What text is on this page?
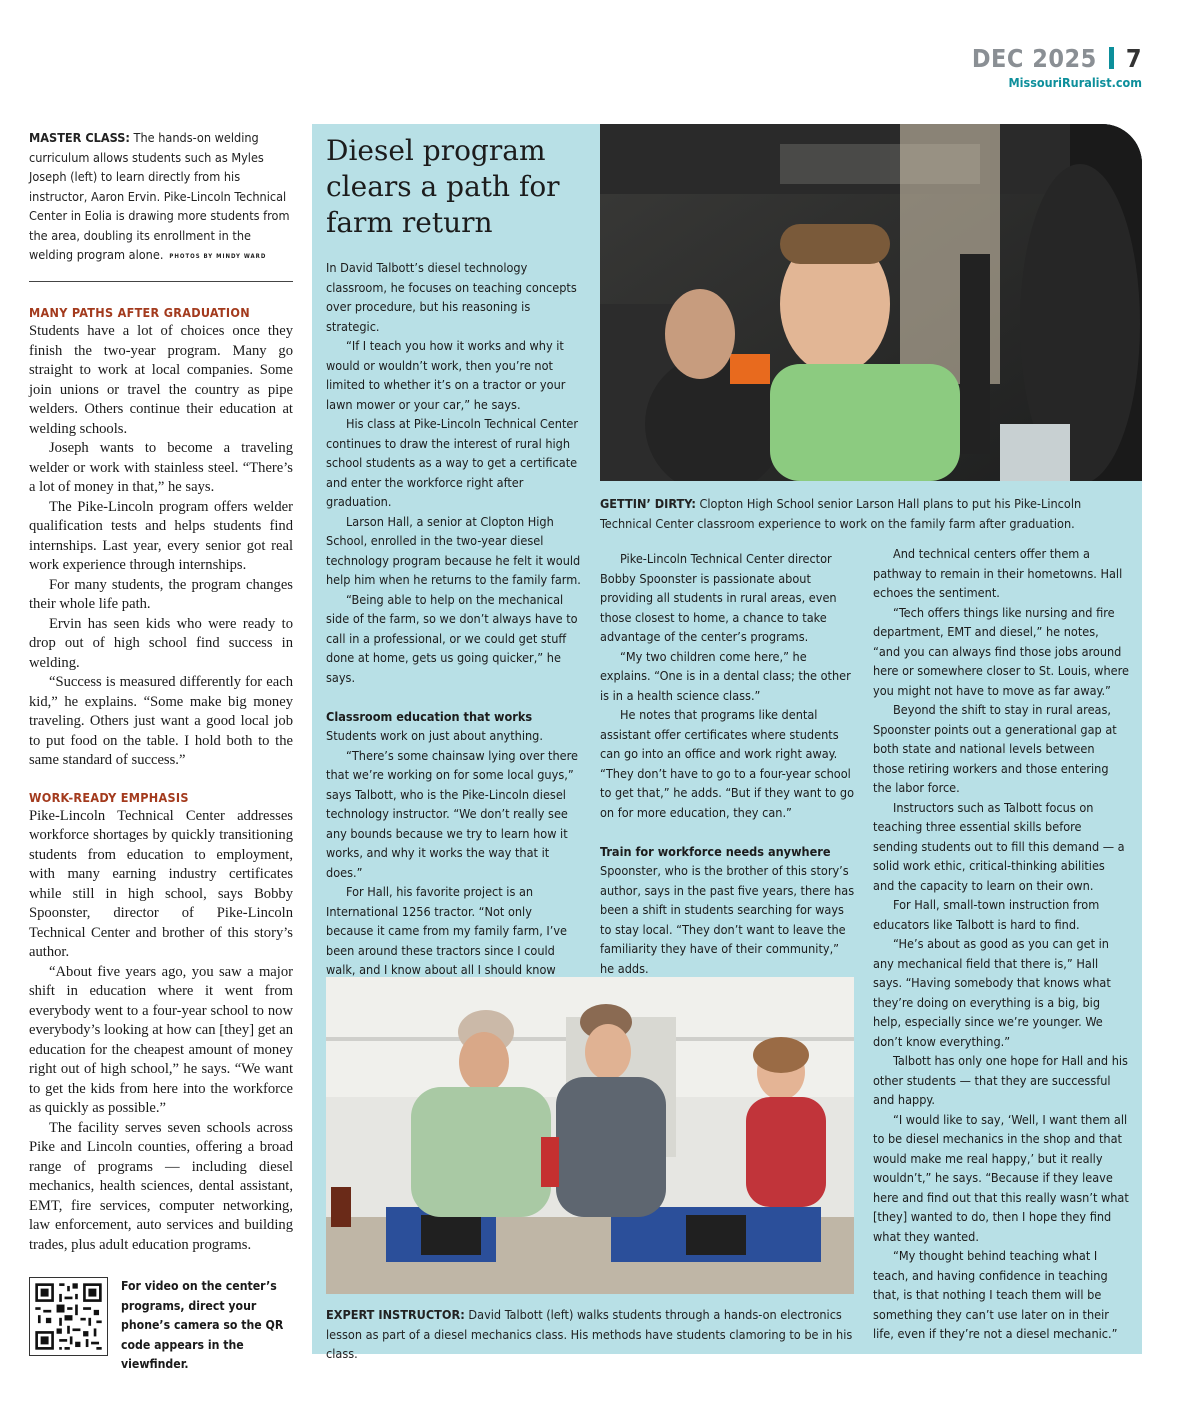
DEC 2025 7
MissouriRuralist.com
MASTER CLASS: The hands-on welding curriculum allows students such as Myles Joseph (left) to learn directly from his instructor, Aaron Ervin. Pike-Lincoln Technical Center in Eolia is drawing more students from the area, doubling its enrollment in the welding program alone. PHOTOS BY MINDY WARD
MANY PATHS AFTER GRADUATION

Students have a lot of choices once they finish the two-year program. Many go straight to work at local companies. Some join unions or travel the country as pipe welders. Others continue their education at welding schools.

Joseph wants to become a traveling welder or work with stainless steel. “There’s a lot of money in that,” he says.

The Pike-Lincoln program offers welder qualification tests and helps students find internships. Last year, every senior got real work experience through internships.

For many students, the program changes their whole life path.

Ervin has seen kids who were ready to drop out of high school find success in welding.

“Success is measured differently for each kid,” he explains. “Some make big money traveling. Others just want a good local job to put food on the table. I hold both to the same standard of success.”

WORK-READY EMPHASIS

Pike-Lincoln Technical Center addresses workforce shortages by quickly transitioning students from education to employment, with many earning industry certificates while still in high school, says Bobby Spoonster, director of Pike-Lincoln Technical Center and brother of this story’s author.

“About five years ago, you saw a major shift in education where it went from everybody went to a four-year school to now everybody’s looking at how can [they] get an education for the cheapest amount of money right out of high school,” he says. “We want to get the kids from here into the workforce as quickly as possible.”

The facility serves seven schools across Pike and Lincoln counties, offering a broad range of programs — including diesel mechanics, health sciences, dental assistant, EMT, fire services, computer networking, law enforcement, auto services and building trades, plus adult education programs.

For video on the center’s programs, direct your phone’s camera so the QR code appears in the viewfinder.
Diesel program clears a path for farm return

In David Talbott’s diesel technology classroom, he focuses on teaching concepts over procedure, but his reasoning is strategic.

“If I teach you how it works and why it would or wouldn’t work, then you’re not limited to whether it’s on a tractor or your lawn mower or your car,” he says.

His class at Pike-Lincoln Technical Center continues to draw the interest of rural high school students as a way to get a certificate and enter the workforce right after graduation.

Larson Hall, a senior at Clopton High School, enrolled in the two-year diesel technology program because he felt it would help him when he returns to the family farm.

“Being able to help on the mechanical side of the farm, so we don’t always have to call in a professional, or we could get stuff done at home, gets us going quicker,” he says.

Classroom education that works

Students work on just about anything.

“There’s some chainsaw lying over there that we’re working on for some local guys,” says Talbott, who is the Pike-Lincoln diesel technology instructor. “We don’t really see any bounds because we try to learn how it works, and why it works the way that it does.”

For Hall, his favorite project is an International 1256 tractor. “Not only because it came from my family farm, I’ve been around these tractors since I could walk, and I know about all I should know

GETTIN’ DIRTY: Clopton High School senior Larson Hall plans to put his Pike-Lincoln Technical Center classroom experience to work on the family farm after graduation.

Pike-Lincoln Technical Center director Bobby Spoonster is passionate about providing all students in rural areas, even those closest to home, a chance to take advantage of the center’s programs.

“My two children come here,” he explains. “One is in a dental class; the other is in a health science class.”

He notes that programs like dental assistant offer certificates where students can go into an office and work right away. “They don’t have to go to a four-year school to get that,” he adds. “But if they want to go on for more education, they can.”

Train for workforce needs anywhere

Spoonster, who is the brother of this story’s author, says in the past five years, there has been a shift in students searching for ways to stay local. “They don’t want to leave the familiarity they have of their community,” he adds.

And technical centers offer them a pathway to remain in their hometowns. Hall echoes the sentiment.

“Tech offers things like nursing and fire department, EMT and diesel,” he notes, “and you can always find those jobs around here or somewhere closer to St. Louis, where you might not have to move as far away.”

Beyond the shift to stay in rural areas, Spoonster points out a generational gap at both state and national levels between those retiring workers and those entering the labor force.

Instructors such as Talbott focus on teaching three essential skills before sending students out to fill this demand — a solid work ethic, critical-thinking abilities and the capacity to learn on their own.

For Hall, small-town instruction from educators like Talbott is hard to find.

“He’s about as good as you can get in any mechanical field that there is,” Hall says. “Having somebody that knows what they’re doing on everything is a big, big help, especially since we’re younger. We don’t know everything.”

Talbott has only one hope for Hall and his other students — that they are successful and happy.

“I would like to say, ‘Well, I want them all to be diesel mechanics in the shop and that would make me real happy,’ but it really wouldn’t,” he says. “Because if they leave here and find out that this really wasn’t what [they] wanted to do, then I hope they find what they wanted.

“My thought behind teaching what I teach, and having confidence in teaching that, is that nothing I teach them will be something they can’t use later on in their life, even if they’re not a diesel mechanic.”

EXPERT INSTRUCTOR: David Talbott (left) walks students through a hands-on electronics lesson as part of a diesel mechanics class. His methods have students clamoring to be in his class.
